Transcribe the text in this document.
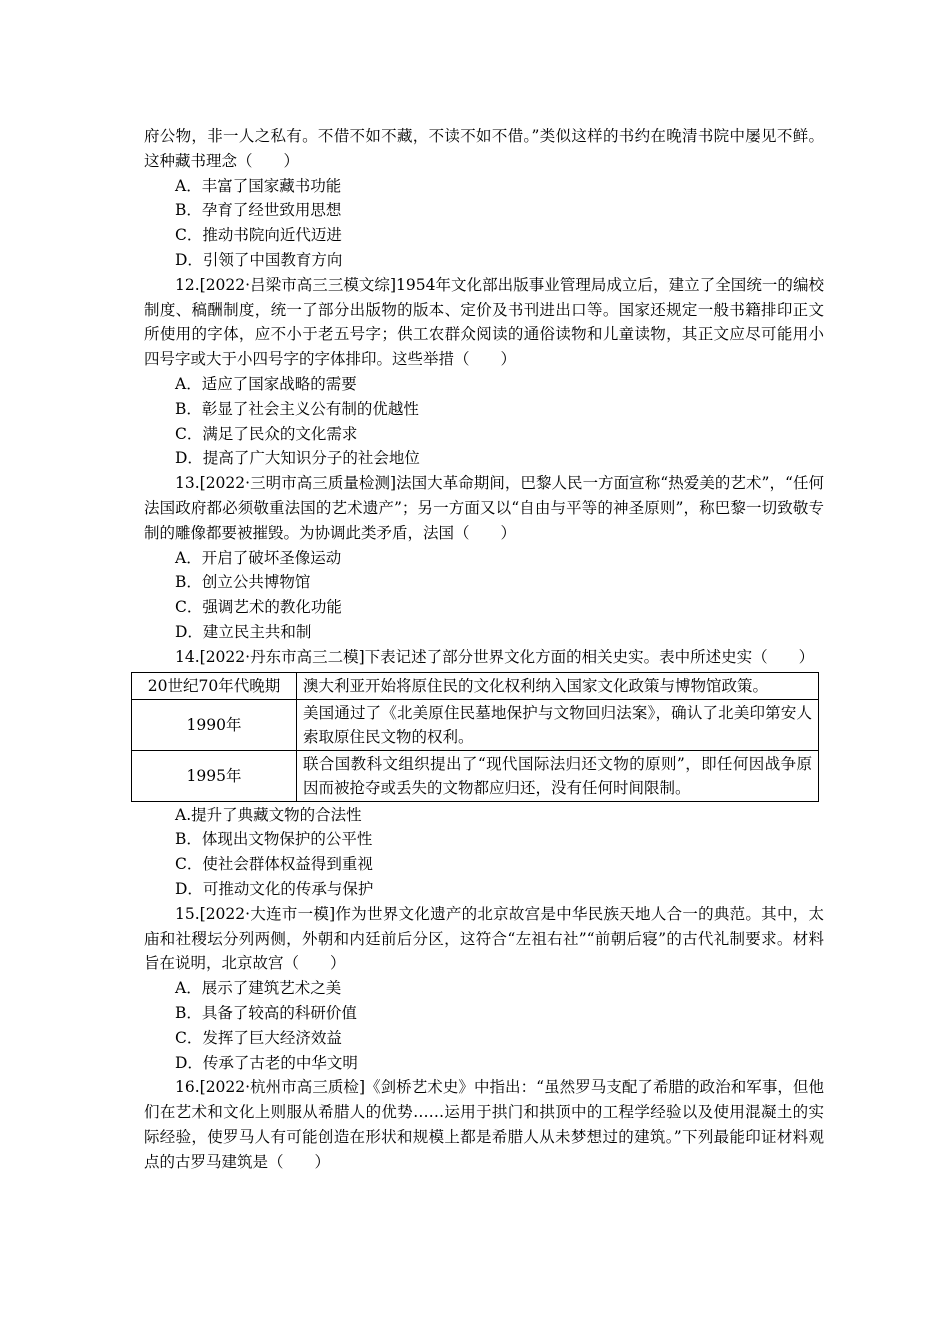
府公物，非一人之私有。不借不如不藏，不读不如不借。”类似这样的书约在晚清书院中屡见不鲜。这种藏书理念（　　）

A．丰富了国家藏书功能

B．孕育了经世致用思想

C．推动书院向近代迈进

D．引领了中国教育方向

12.[2022·吕梁市高三三模文综]1954年文化部出版事业管理局成立后，建立了全国统一的编校制度、稿酬制度，统一了部分出版物的版本、定价及书刊进出口等。国家还规定一般书籍排印正文所使用的字体，应不小于老五号字；供工农群众阅读的通俗读物和儿童读物，其正文应尽可能用小四号字或大于小四号字的字体排印。这些举措（　　）

A．适应了国家战略的需要

B．彰显了社会主义公有制的优越性

C．满足了民众的文化需求

D．提高了广大知识分子的社会地位

13.[2022·三明市高三质量检测]法国大革命期间，巴黎人民一方面宣称“热爱美的艺术”，“任何法国政府都必须敬重法国的艺术遗产”；另一方面又以“自由与平等的神圣原则”，称巴黎一切致敬专制的雕像都要被摧毁。为协调此类矛盾，法国（　　）

A．开启了破坏圣像运动

B．创立公共博物馆

C．强调艺术的教化功能

D．建立民主共和制

14.[2022·丹东市高三二模]下表记述了部分世界文化方面的相关史实。表中所述史实（　　）

20世纪70年代晚期	澳大利亚开始将原住民的文化权利纳入国家文化政策与博物馆政策。
1990年	美国通过了《北美原住民墓地保护与文物回归法案》，确认了北美印第安人索取原住民文物的权利。
1995年	联合国教科文组织提出了“现代国际法归还文物的原则”，即任何因战争原因而被抢夺或丢失的文物都应归还，没有任何时间限制。

A.提升了典藏文物的合法性

B．体现出文物保护的公平性

C．使社会群体权益得到重视

D．可推动文化的传承与保护

15.[2022·大连市一模]作为世界文化遗产的北京故宫是中华民族天地人合一的典范。其中，太庙和社稷坛分列两侧，外朝和内廷前后分区，这符合“左祖右社”“前朝后寝”的古代礼制要求。材料旨在说明，北京故宫（　　）

A．展示了建筑艺术之美

B．具备了较高的科研价值

C．发挥了巨大经济效益

D．传承了古老的中华文明

16.[2022·杭州市高三质检]《剑桥艺术史》中指出：“虽然罗马支配了希腊的政治和军事，但他们在艺术和文化上则服从希腊人的优势……运用于拱门和拱顶中的工程学经验以及使用混凝土的实际经验，使罗马人有可能创造在形状和规模上都是希腊人从未梦想过的建筑。”下列最能印证材料观点的古罗马建筑是（　　）
